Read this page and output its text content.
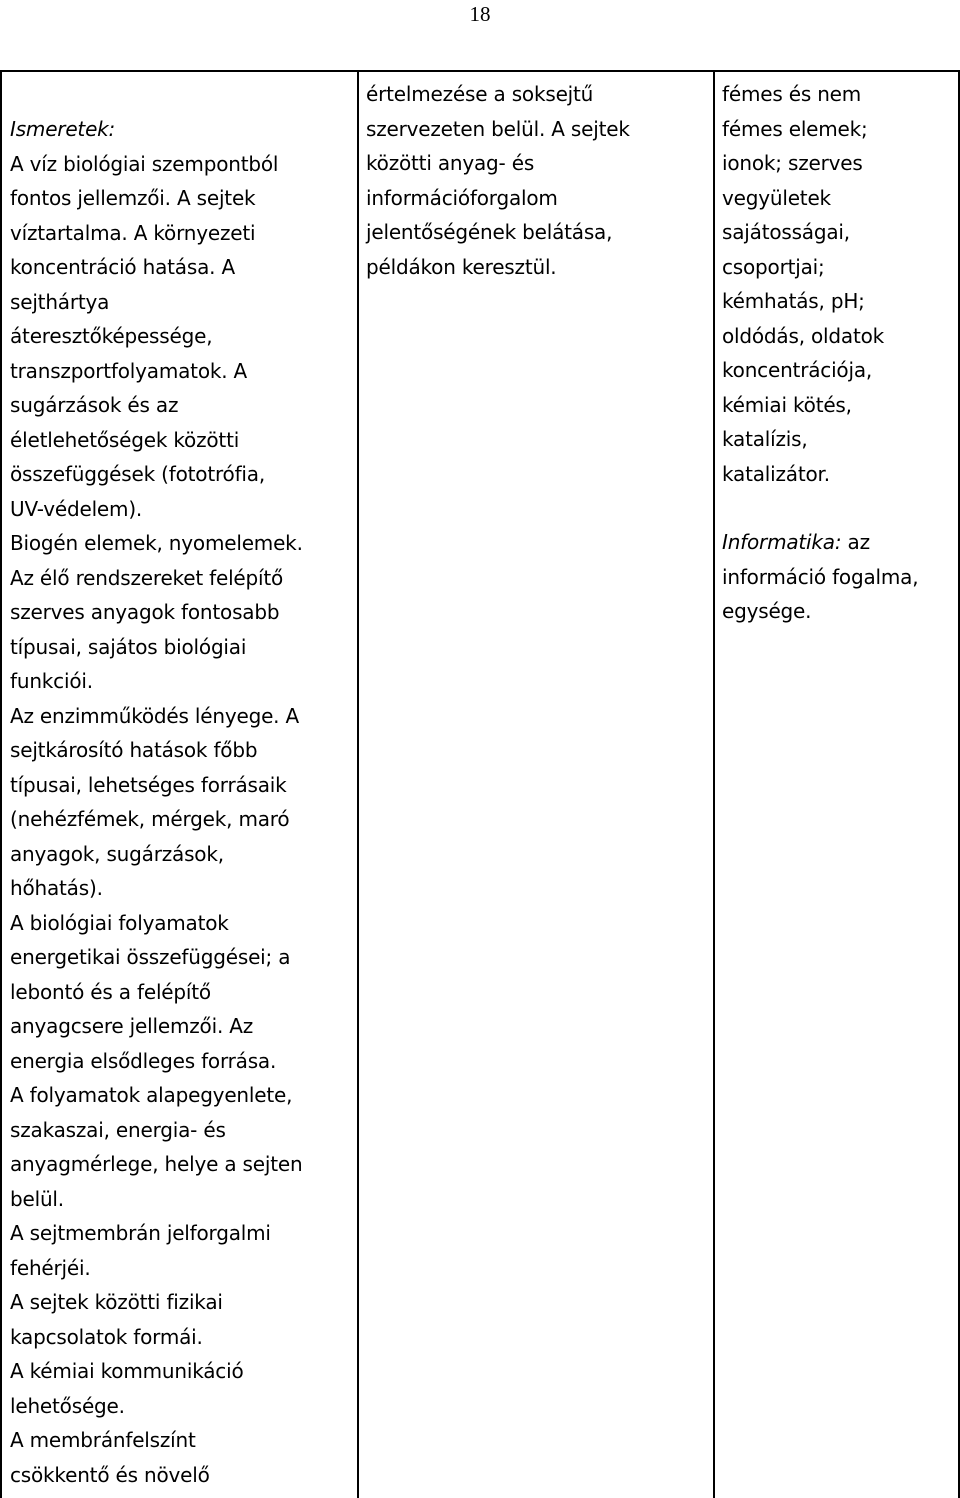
18
Ismeretek:
A víz biológiai szempontból
fontos jellemzői. A sejtek
víztartalma. A környezeti
koncentráció hatása. A
sejthártya
áteresztőképessége,
transzportfolyamatok. A
sugárzások és az
életlehetőségek közötti
összefüggések (fototrófia,
UV-védelem).
Biogén elemek, nyomelemek.
Az élő rendszereket felépítő
szerves anyagok fontosabb
típusai, sajátos biológiai
funkciói.
Az enzimműködés lényege. A
sejtkárosító hatások főbb
típusai, lehetséges forrásaik
(nehézfémek, mérgek, maró
anyagok, sugárzások,
hőhatás).
A biológiai folyamatok
energetikai összefüggései; a
lebontó és a felépítő
anyagcsere jellemzői. Az
energia elsődleges forrása.
A folyamatok alapegyenlete,
szakaszai, energia- és
anyagmérlege, helye a sejten
belül.
A sejtmembrán jelforgalmi
fehérjéi.
A sejtek közötti fizikai
kapcsolatok formái.
A kémiai kommunikáció
lehetősége.
A membránfelszínt
csökkentő és növelő
értelmezése a soksejtű
szervezeten belül. A sejtek
közötti anyag- és
információforgalom
jelentőségének belátása,
példákon keresztül.
fémes és nem
fémes elemek;
ionok; szerves
vegyületek
sajátosságai,
csoportjai;
kémhatás, pH;
oldódás, oldatok
koncentrációja,
kémiai kötés,
katalízis,
katalizátor.
Informatika: az
információ fogalma,
egysége.
